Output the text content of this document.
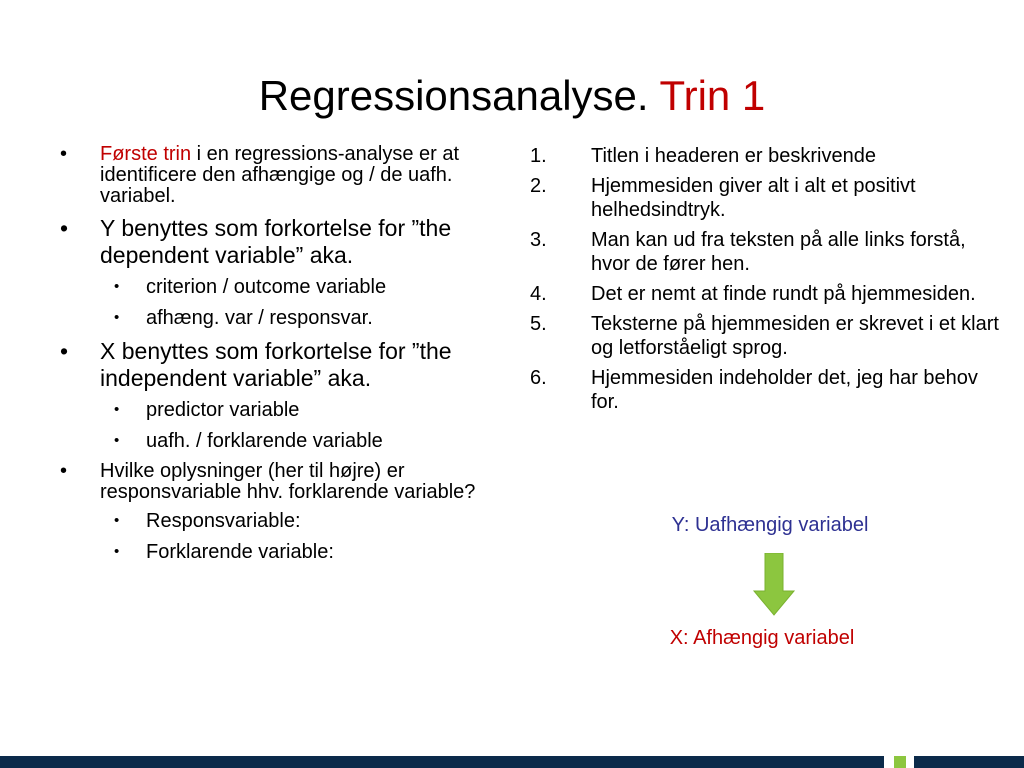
Regressionsanalyse. Trin 1
• Første trin i en regressions-analyse er at identificere den afhængige og / de uafh. variabel.
• Y benyttes som forkortelse for ”the dependent variable” aka.
• criterion / outcome variable
• afhæng. var / responsvar.
• X benyttes som forkortelse for ”the independent variable” aka.
• predictor variable
• uafh. / forklarende variable
• Hvilke oplysninger (her til højre) er responsvariable hhv. forklarende variable?
• Responsvariable:
• Forklarende variable:
1. Titlen i headeren er beskrivende
2. Hjemmesiden giver alt i alt et positivt helhedsindtryk.
3. Man kan ud fra teksten på alle links forstå, hvor de fører hen.
4. Det er nemt at finde rundt på hjemmesiden.
5. Teksterne på hjemmesiden er skrevet i et klart og letforståeligt sprog.
6. Hjemmesiden indeholder det, jeg har behov for.
Y: Uafhængig variabel
X: Afhængig variabel
